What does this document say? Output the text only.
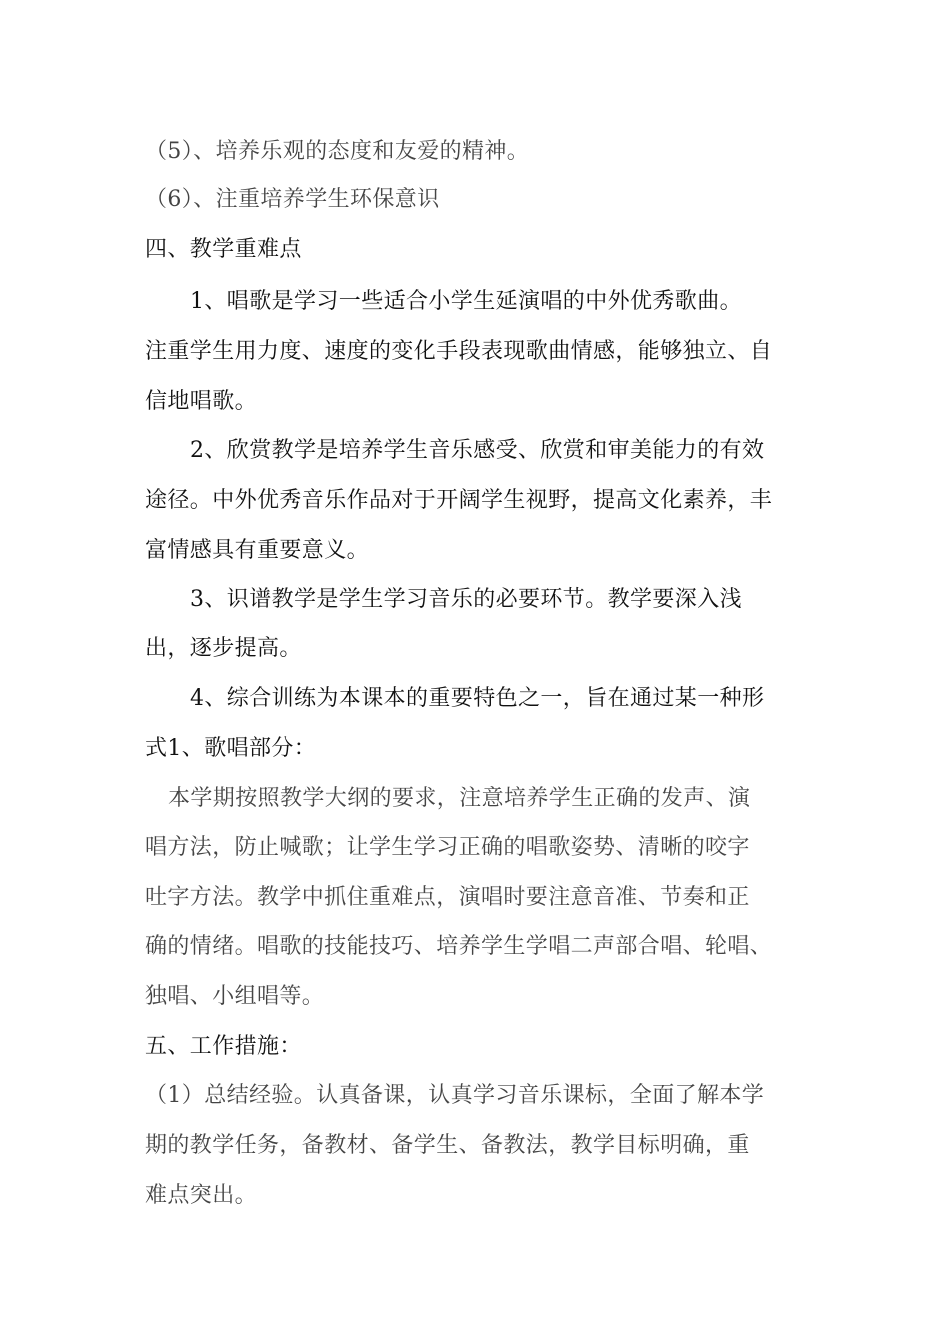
（5）、培养乐观的态度和友爱的精神。
（6）、注重培养学生环保意识
四、教学重难点
1、唱歌是学习一些适合小学生延演唱的中外优秀歌曲。
注重学生用力度、速度的变化手段表现歌曲情感，能够独立、自
信地唱歌。
2、欣赏教学是培养学生音乐感受、欣赏和审美能力的有效
途径。中外优秀音乐作品对于开阔学生视野，提高文化素养，丰
富情感具有重要意义。
3、识谱教学是学生学习音乐的必要环节。教学要深入浅
出，逐步提高。
4、综合训练为本课本的重要特色之一，旨在通过某一种形
式1、歌唱部分：
本学期按照教学大纲的要求，注意培养学生正确的发声、演
唱方法，防止喊歌；让学生学习正确的唱歌姿势、清晰的咬字
吐字方法。教学中抓住重难点，演唱时要注意音准、节奏和正
确的情绪。唱歌的技能技巧、培养学生学唱二声部合唱、轮唱、
独唱、小组唱等。
五、工作措施：
（1）总结经验。认真备课，认真学习音乐课标，全面了解本学
期的教学任务，备教材、备学生、备教法，教学目标明确，重
难点突出。
